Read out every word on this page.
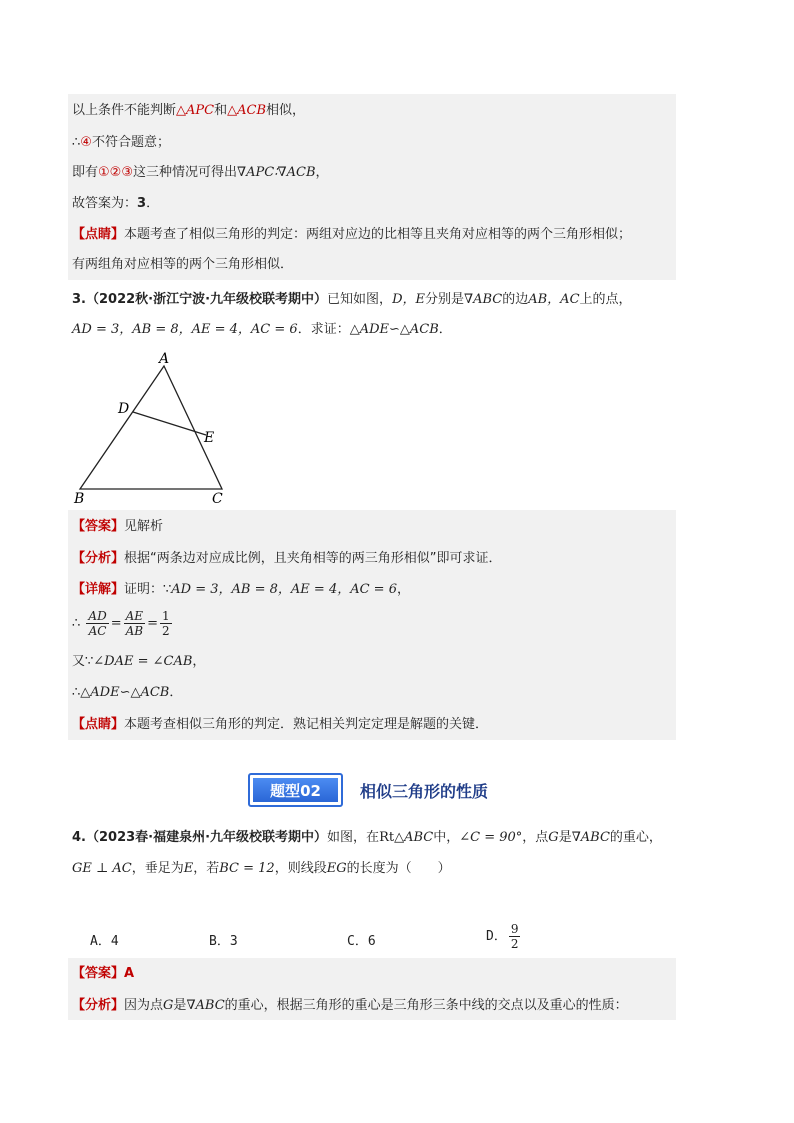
以上条件不能判断△APC和△ACB相似，
∴④不符合题意；
即有①②③这三种情况可得出∇APC∶∇ACB，
故答案为：3．
【点睛】本题考查了相似三角形的判定：两组对应边的比相等且夹角对应相等的两个三角形相似；
有两组角对应相等的两个三角形相似．
3.（2022秋·浙江宁波·九年级校联考期中）已知如图，D，E分别是∇ABC的边AB，AC上的点，
AD = 3，AB = 8，AE = 4，AC = 6．求证：△ADE∽△ACB．
A
D
E
B	C
【答案】见解析
【分析】根据“两条边对应成比例，且夹角相等的两三角形相似”即可求证．
【详解】证明：∵AD = 3，AB = 8，AE = 4，AC = 6，
∴ $\frac{AD}{AC} = \frac{AE}{AB} = \frac{1}{2}$
又∵∠DAE = ∠CAB，
∴△ADE∽△ACB．
【点睛】本题考查相似三角形的判定．熟记相关判定定理是解题的关键．
题型02	相似三角形的性质
4.（2023春·福建泉州·九年级校联考期中）如图，在Rt△ABC中，∠C = 90°，点G是∇ABC的重心，
GE ⊥ AC，垂足为E，若BC = 12，则线段EG的长度为（　　）
A．4	B．3	C．6	D． $\frac{9}{2}$
【答案】A
【分析】因为点G是∇ABC的重心，根据三角形的重心是三角形三条中线的交点以及重心的性质：
